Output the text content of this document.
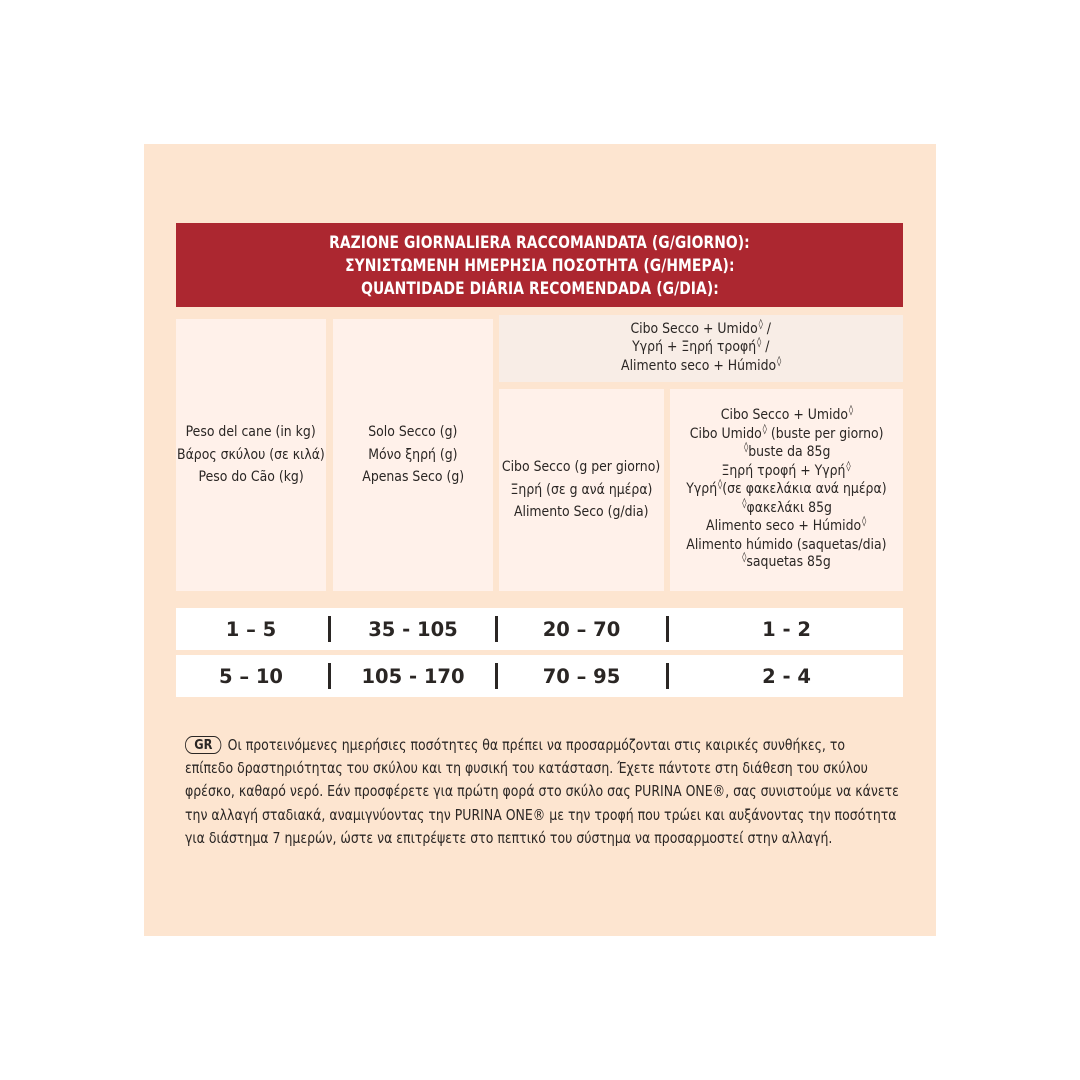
RAZIONE GIORNALIERA RACCOMANDATA (G/GIORNO):
ΣΥΝΙΣΤΩΜΕΝΗ ΗΜΕΡΗΣΙΑ ΠΟΣΟΤΗΤΑ (G/ΗΜΕΡΑ):
QUANTIDADE DIÁRIA RECOMENDADA (G/DIA):
Peso del cane (in kg)
Βάρος σκύλου (σε κιλά)
Peso do Cão (kg)
Solo Secco (g)
Μόνο ξηρή (g)
Apenas Seco (g)
Cibo Secco + Umido◊ /
Υγρή + Ξηρή τροφή◊ /
Alimento seco + Húmido◊
Cibo Secco (g per giorno)
Ξηρή (σε g ανά ημέρα)
Alimento Seco (g/dia)
Cibo Secco + Umido◊
Cibo Umido◊ (buste per giorno)
◊buste da 85g
Ξηρή τροφή + Υγρή◊
Υγρή◊(σε φακελάκια ανά ημέρα)
◊φακελάκι 85g
Alimento seco + Húmido◊
Alimento húmido (saquetas/dia)
◊saquetas 85g
1 – 5	35 - 105	20 – 70	1 - 2
5 – 10	105 - 170	70 – 95	2 - 4
GR Οι προτεινόμενες ημερήσιες ποσότητες θα πρέπει να προσαρμόζονται στις καιρικές συνθήκες, το
επίπεδο δραστηριότητας του σκύλου και τη φυσική του κατάσταση. Έχετε πάντοτε στη διάθεση του σκύλου
φρέσκο, καθαρό νερό. Εάν προσφέρετε για πρώτη φορά στο σκύλο σας PURINA ONE®, σας συνιστούμε να κάνετε
την αλλαγή σταδιακά, αναμιγνύοντας την PURINA ONE® με την τροφή που τρώει και αυξάνοντας την ποσότητα
για διάστημα 7 ημερών, ώστε να επιτρέψετε στο πεπτικό του σύστημα να προσαρμοστεί στην αλλαγή.
